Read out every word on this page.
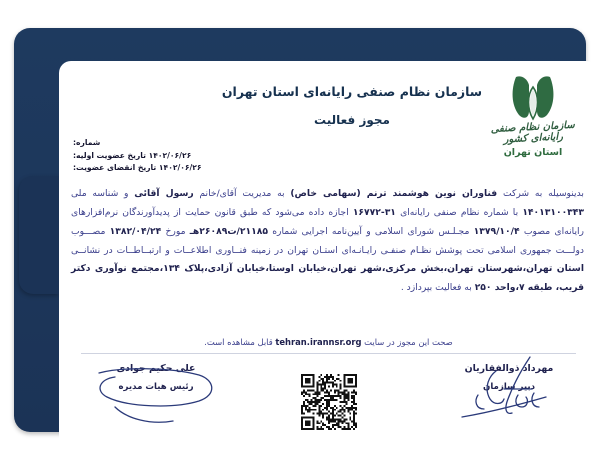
سازمان نظام صنفی رایانه‌ای کشور
استان تهران
سازمان نظام صنفی رایانه‌ای استان تهران
مجوز فعالیت
شماره:
۱۴۰۲/۰۶/۲۶ تاریخ عضویت اولیه:
۱۴۰۲/۰۶/۲۶ تاریخ انقضای عضویت:
بدینوسیله به شرکت فناوران نوین هوشمند ترنم (سهامی خاص) به مدیریت آقای/خانم رسول آقائی و شناسه ملی ۱۴۰۱۳۱۰۰۳۴۳ با شماره نظام صنفی رایانه‌ای ۳۱-۱۶۷۷۲ اجازه داده می‌شود که طبق قانون حمایت از پدیدآورندگان نرم‌افزارهای رایانه‌ای مصوب ۱۳۷۹/۱۰/۴ مجـلـس شورای اسلامی و آیین‌نامه اجرایی شماره ۲۱۱۸۵/ت۲۶۰۸۹هـ مورخ ۱۳۸۲/۰۴/۲۴ مصـــوب دولـــت جمهوری اسلامی تحت پوشش نظـام صنفـی رایـانـه‌ای استـان تهران در زمینه فنــاوری اطلاعــات و ارتبــاطــات در نشانــی استان تهران،شهرستان تهران،بخش مرکزی،شهر تهران،خیابان اوستا،خیابان آزادی،پلاک ۱۳۴،مجتمع نوآوری دکتر قریب، طبقه ۷،واحد ۲۵۰ به فعالیت بپردازد .
صحت این مجوز در سایت tehran.irannsr.org قابل مشاهده است.
مهرداد ذوالفقاریان
دبیر سازمان
علی حکیم جوادی
رئیس هیات مدیره
